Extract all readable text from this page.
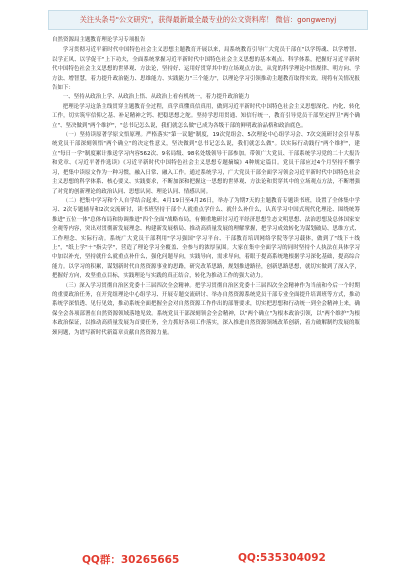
关注头条号"公文研究"，获得最新最全最专业的公文资料库！ 微信：gongwenyj

自然资源局主题教育理论学习专项报告

学习贯彻习近平新时代中国特色社会主义思想主题教育开展以来，局系统教育引导广大党员干部在"以学铸魂、以学增智、以学正风、以学促干"上下功夫，全面系统掌握习近平新时代中国特色社会主义思想的基本观点、科学体系，把握好习近平新时代中国特色社会主义思想的世界观、方法论，坚持好、运用好贯穿其中的立场观点方法，从党的科学理论中悟规律、明方向、学方法、增智慧，着力提升政治能力、思维能力、实践能力"三个能力"，以理论学习引领推动主题教育取得实效。现将有关情况报告如下：

一、坚持从政治上学、从政治上悟、从政治上看有机统一，着力提升政治能力

把理论学习这条主线贯穿主题教育全过程，真学真懂真信真用，做到习近平新时代中国特色社会主义思想深化、内化、转化工作，切实筑牢信仰之基、补足精神之钙、把稳思想之舵。坚持学思用贯通、知信行统一，教育引导党员干部坚定捍卫"两个确立"、坚决做到"两个维护"，"总书记怎么说，我们就怎么做"已成为各级干部的鲜明政治品格和政治底色。

（一）坚持读原著学原文悟原理。严格落实"第一议题"制度，19次党组会、5次理论中心组学习会、7次交流研讨会引导系统党员干部深刻领悟"两个确立"的决定性意义，坚决做到"总书记怎么说，我们就怎么做"。以实际行动践行"两个维护"，建立"每日一学"制度累计推送学习内容562次、9名局级、98名处级领导干部参加。带领广大党员、干部系统学习党的二十大报告和党章、《习近平著作选读》《习近平新时代中国特色社会主义思想专题摘编》4种规定篇目。党员干部应过4个月坚持不懈学习，把集中读原文作为一种习惯，融入日常、融入工作。通过系统学习，广大党员干部全面学习领会习近平新时代中国特色社会主义思想的科学体系、核心要义、实践要求，不断加深和把握这一思想的世界观、方法论和贯穿其中的立场观点方法，不断增强了对党的创新理论的政治认同、思想认同、理论认同、情感认同。

（二）把集中学习和个人自学结合起来。4月19日至4月26日，举办了为期7天的主题教育专题读书班，设置了全体集中学习、2次专题辅导和2次交流研讨，读书班坚持干部个人就重点学什么、就什么补什么，认真学习中国式现代化理论、围绕统筹推进"五位一体"总体布局和协调推进"四个全面"战略布局，有侧重地研讨习近平经济思想生态文明思想、法治思想及总体国家安全观等内容，突出对贯彻新发展理念、构建新发展格局、推动高质量发展的理解掌握，把学习成效转化为谋划破局、思维方式、工作理念、实际行动。系统广大党员干部利用"学习强国"学习平台、干部教育培训网络学院等学习载体，做到了"线下＋线上"，"纸上学"＋"指尖学"，营造了理论学习全覆盖、全参与的浓厚氛围。大家在集中全面学习的同时坚持个人执法在具体学习中加以补充，坚持就什么就重点补什么，强化问题导向，实践导向，需求导向，着眼于提高系统地根据学习深化基础，提高综合能力。以学习的积累，谋划新时代自然资源事业的思路，研究改革思路，规划推进路径，创新思路思想，就切实做到了深入学，把握好方向，攻坚重点目标，实践理论与实践的真正结合，转化为推动工作的强大动力。

（三）深入学习贯彻自治区党委十三届四次全会精神。把学习贯彻自治区党委十三届四次全会精神作为当前和今后一个时期的重要政治任务，在开党组理论中心组学习、开展专题交流研讨、举办自然资源系统党员干部专业全面提升培训班等方式，推动系统学深悟透、见行见效，推动系统全面把握全会对自然资源工作作出的部署要求，切实把思想和行动统一到全会精神上来，确保全会各项部署在自然资源领域落地见效。系统党员干部深刻领会全会精神，以"两个确立"为根本政治引领，以"两个维护"为根本政治保证，以推动高质量发展为首要任务，全力抓好各项工作落实，深入推进自然资源领域改革创新，着力破解制约发展的瓶颈问题，为谱写新时代新篇章贡献自然资源力量。

QQ群：30265665	QQ:535304092
